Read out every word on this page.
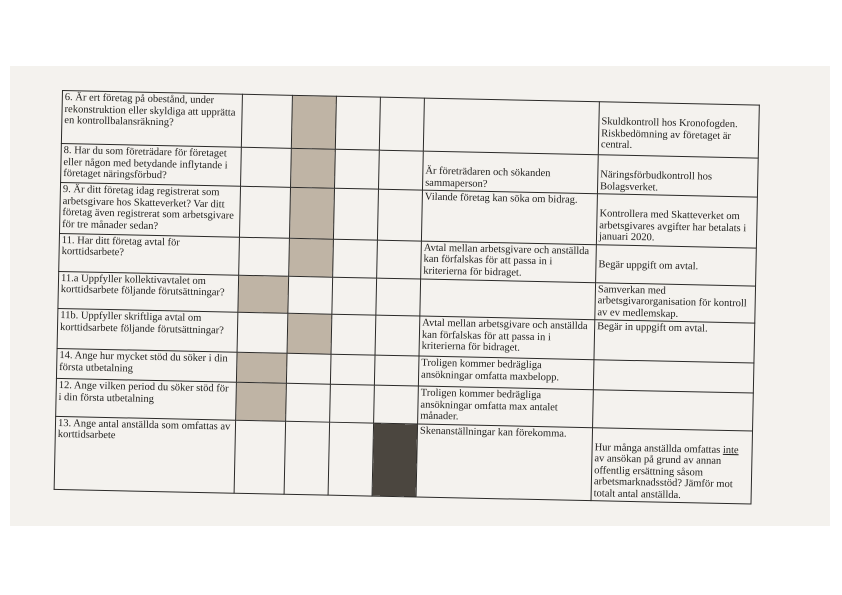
6. Är ert företag på obestånd, under rekonstruktion eller skyldiga att upprätta en kontrollbalansräkning?						Skuldkontroll hos Kronofogden. Riskbedömning av företaget är central.
8. Har du som företrädare för företaget eller någon med betydande inflytande i företaget näringsförbud?					Är företrädaren och sökanden sammaperson?	Näringsförbudkontroll hos Bolagsverket.
9. Är ditt företag idag registrerat som arbetsgivare hos Skatteverket? Var ditt företag även registrerat som arbetsgivare för tre månader sedan?					Vilande företag kan söka om bidrag.	Kontrollera med Skatteverket om arbetsgivares avgifter har betalats i januari 2020.
11. Har ditt företag avtal för korttidsarbete?					Avtal mellan arbetsgivare och anställda kan förfalskas för att passa in i kriterierna för bidraget.	Begär uppgift om avtal.
11.a Uppfyller kollektivavtalet om korttidsarbete följande förutsättningar?						Samverkan med arbetsgivarorganisation för kontroll av ev medlemskap.
11b. Uppfyller skriftliga avtal om korttidsarbete följande förutsättningar?					Avtal mellan arbetsgivare och anställda kan förfalskas för att passa in i kriterierna för bidraget.	Begär in uppgift om avtal.
14. Ange hur mycket stöd du söker i din första utbetalning					Troligen kommer bedrägliga ansökningar omfatta maxbelopp.	
12. Ange vilken period du söker stöd för i din första utbetalning					Troligen kommer bedrägliga ansökningar omfatta max antalet månader.	
13. Ange antal anställda som omfattas av korttidsarbete					Skenanställningar kan förekomma.	Hur många anställda omfattas inte av ansökan på grund av annan offentlig ersättning såsom arbetsmarknadsstöd? Jämför mot totalt antal anställda.
